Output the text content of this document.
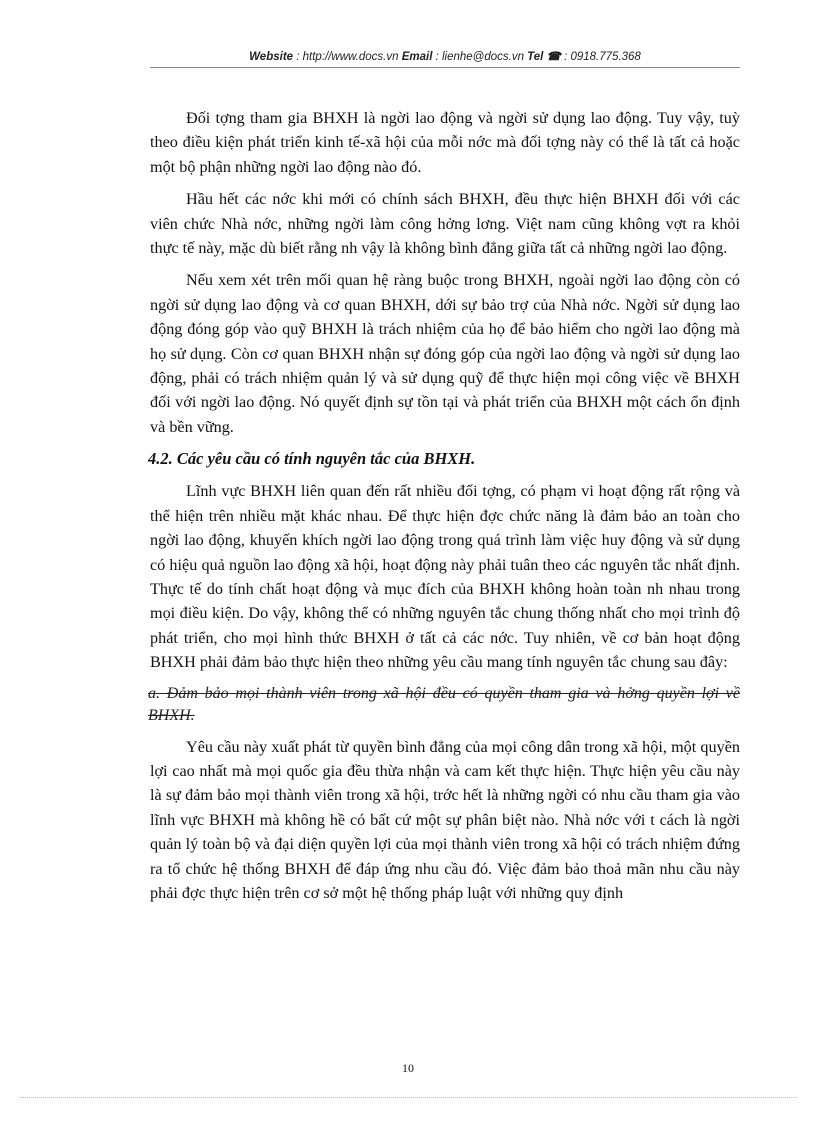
Website : http://www.docs.vn Email : lienhe@docs.vn Tel ☎ : 0918.775.368

Đối tợng tham gia BHXH là ngời lao động và ngời sử dụng lao động. Tuy vậy, tuỳ theo điều kiện phát triển kinh tế-xã hội của mỗi nớc mà đối tợng này có thể là tất cả hoặc một bộ phận những ngời lao động nào đó.

Hầu hết các nớc khi mới có chính sách BHXH, đều thực hiện BHXH đối với các viên chức Nhà nớc, những ngời làm công hởng lơng. Việt nam cũng không vợt ra khỏi thực tế này, mặc dù biết rằng nh vậy là không bình đẳng giữa tất cả những ngời lao động.

Nếu xem xét trên mối quan hệ ràng buộc trong BHXH, ngoài ngời lao động còn có ngời sử dụng lao động và cơ quan BHXH, dới sự bảo trợ của Nhà nớc. Ngời sử dụng lao động đóng góp vào quỹ BHXH là trách nhiệm của họ để bảo hiểm cho ngời lao động mà họ sử dụng. Còn cơ quan BHXH nhận sự đóng góp của ngời lao động và ngời sử dụng lao động, phải có trách nhiệm quản lý và sử dụng quỹ để thực hiện mọi công việc về BHXH đối với ngời lao động. Nó quyết định sự tồn tại và phát triển của BHXH một cách ổn định và bền vững.

4.2. Các yêu cầu có tính nguyên tắc của BHXH.

Lĩnh vực BHXH liên quan đến rất nhiều đối tợng, có phạm vi hoạt động rất rộng và thể hiện trên nhiều mặt khác nhau. Để thực hiện đợc chức năng là đảm bảo an toàn cho ngời lao động, khuyến khích ngời lao động trong quá trình làm việc huy động và sử dụng có hiệu quả nguồn lao động xã hội, hoạt động này phải tuân theo các nguyên tắc nhất định. Thực tế do tính chất hoạt động và mục đích của BHXH không hoàn toàn nh nhau trong mọi điều kiện. Do vậy, không thể có những nguyên tắc chung thống nhất cho mọi trình độ phát triển, cho mọi hình thức BHXH ở tất cả các nớc. Tuy nhiên, về cơ bản hoạt động BHXH phải đảm bảo thực hiện theo những yêu cầu mang tính nguyên tắc chung sau đây:

a. Đảm bảo mọi thành viên trong xã hội đều có quyền tham gia và hởng quyền lợi về BHXH.

Yêu cầu này xuất phát từ quyền bình đẳng của mọi công dân trong xã hội, một quyền lợi cao nhất mà mọi quốc gia đều thừa nhận và cam kết thực hiện. Thực hiện yêu cầu này là sự đảm bảo mọi thành viên trong xã hội, trớc hết là những ngời có nhu cầu tham gia vào lĩnh vực BHXH mà không hề có bất cứ một sự phân biệt nào. Nhà nớc với t cách là ngời quản lý toàn bộ và đại diện quyền lợi của mọi thành viên trong xã hội có trách nhiệm đứng ra tổ chức hệ thống BHXH để đáp ứng nhu cầu đó. Việc đảm bảo thoả mãn nhu cầu này phải đợc thực hiện trên cơ sở một hệ thống pháp luật với những quy định

10
